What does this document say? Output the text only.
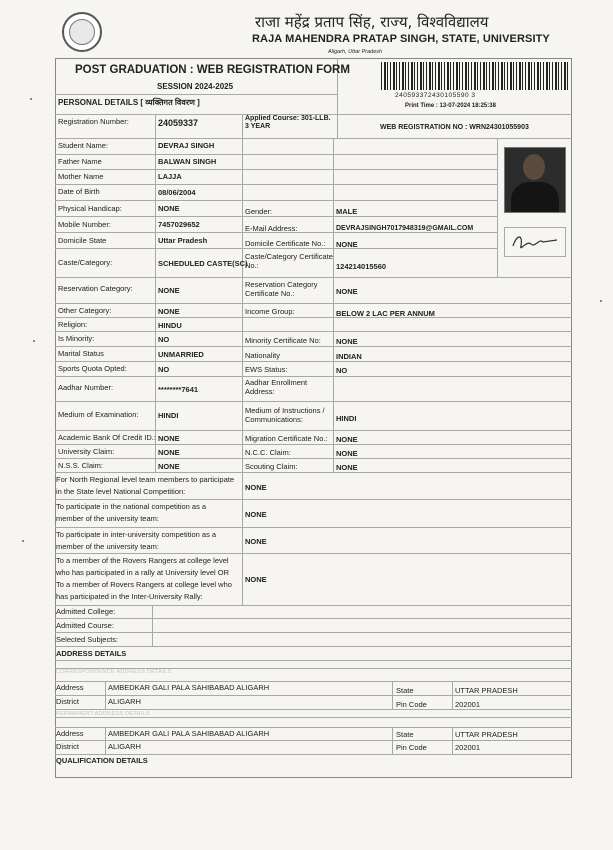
राजा महेंद्र प्रताप सिंह, राज्य, विश्वविद्यालय
RAJA MAHENDRA PRATAP SINGH, STATE, UNIVERSITY
Aligarh, Uttar Pradesh
POST GRADUATION : WEB REGISTRATION FORM
SESSION 2024-2025
PERSONAL DETAILS [ व्यक्तिगत विवरण ]
240593372430105590 3
Print Time : 13-07-2024 18:25:38
Registration Number:	24059337	Applied Course: 301-LLB. 3 YEAR	WEB REGISTRATION NO : WRN24301055903
Student Name:	DEVRAJ SINGH
Father Name	BALWAN SINGH
Mother Name	LAJJA
Date of Birth	08/06/2004
Physical Handicap:	NONE	Gender:	MALE
Mobile Number:	7457029652	E-Mail Address:	DEVRAJSINGH7017948319@GMAIL.COM
Domicile State	Uttar Pradesh	Domicile Certificate No.: NONE
Caste/Category:	SCHEDULED CASTE(SC)
Caste/Category Certificate No.:	124214015560
Reservation Category:	NONE
Reservation Category Certificate No.:	NONE
Other Category:	NONE	Income Group:	BELOW 2 LAC PER ANNUM
Religion:	HINDU
Is Minority:	NO	Minority Certificate No: NONE
Marital Status	UNMARRIED	Nationality	INDIAN
Sports Quota Opted:	NO	EWS Status:	NO
Aadhar Number:	********7641
Aadhar Enrollment Address:
Medium of Examination:	HINDI
Medium of Instructions / Communications:	HINDI
Academic Bank Of Credit ID.: NONE	Migration Certificate No.: NONE
University Claim:	NONE	N.C.C. Claim:	NONE
N.S.S. Claim:	NONE	Scouting Claim:	NONE
For North Regional level team members to participate
in the State level National Competition:	NONE
To participate in the national competition as a
member of the university team:	NONE
To participate in inter-university competition as a
member of the university team:
NONE
To a member of the Rovers Rangers at college level
who has participated in a rally at University level OR
To a member of Rovers Rangers at college level who
has participated in the Inter-University Rally:
NONE
Admitted College:
Admitted Course:
Selected Subjects:
ADDRESS DETAILS
CORRESPONDENCE ADDRESS DETAILS
Address	AMBEDKAR GALI PALA SAHIBABAD ALIGARH	State	UTTAR PRADESH
District	ALIGARH	Pin Code	202001
PERMANENT ADDRESS DETAILS
Address	AMBEDKAR GALI PALA SAHIBABAD ALIGARH	State	UTTAR PRADESH
District	ALIGARH	Pin Code	202001
QUALIFICATION DETAILS
